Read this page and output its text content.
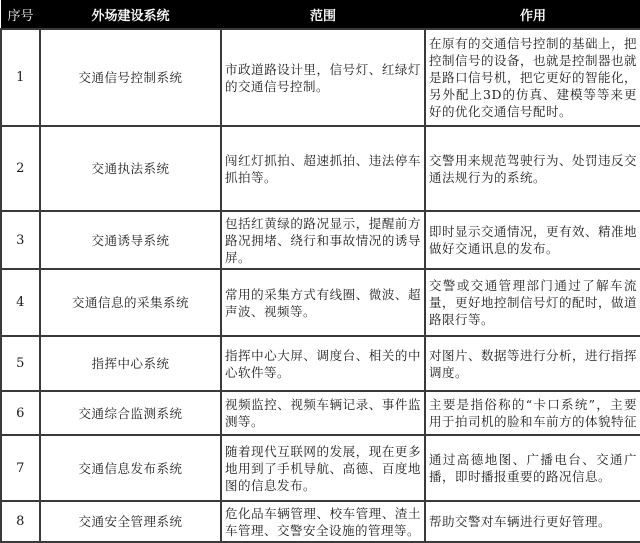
序号	外场建设系统	范围	作用
1	交通信号控制系统	市政道路设计里，信号灯、红绿灯的交通信号控制。	在原有的交通信号控制的基础上，把控制信号的设备，也就是控制器也就是路口信号机，把它更好的智能化，另外配上3D的仿真、建模等等来更好的优化交通信号配时。
2	交通执法系统	闯红灯抓拍、超速抓拍、违法停车抓拍等。	交警用来规范驾驶行为、处罚违反交通法规行为的系统。
3	交通诱导系统	包括红黄绿的路况显示，提醒前方路况拥堵、绕行和事故情况的诱导屏。	即时显示交通情况，更有效、精准地做好交通讯息的发布。
4	交通信息的采集系统	常用的采集方式有线圈、微波、超声波、视频等。	交警或交通管理部门通过了解车流量，更好地控制信号灯的配时，做道路限行等。
5	指挥中心系统	指挥中心大屏、调度台、相关的中心软件等。	对图片、数据等进行分析，进行指挥调度。
6	交通综合监测系统	视频监控、视频车辆记录、事件监测等。	主要是指俗称的“卡口系统”，主要用于拍司机的脸和车前方的体貌特征
7	交通信息发布系统	随着现代互联网的发展，现在更多地用到了手机导航、高德、百度地图的信息发布。	通过高德地图、广播电台、交通广播，即时播报重要的路况信息。
8	交通安全管理系统	危化品车辆管理、校车管理、渣土车管理、交警安全设施的管理等。	帮助交警对车辆进行更好管理。
